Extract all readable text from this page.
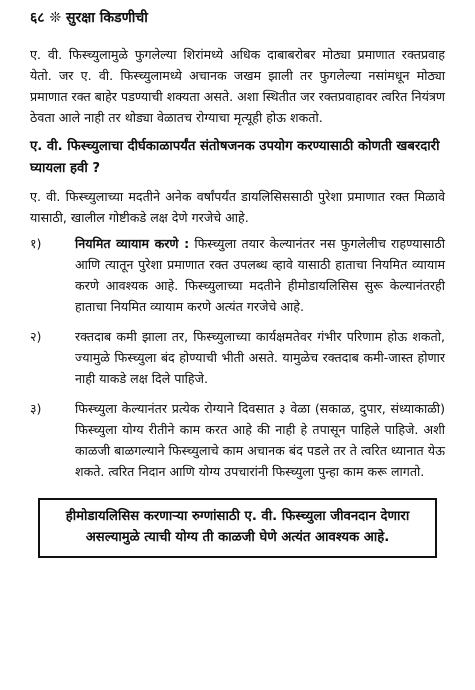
६८ ❊ सुरक्षा किडणीची

ए. वी. फिस्च्युलामुळे फुगलेल्या शिरांमध्ये अधिक दाबाबरोबर मोठ्या प्रमाणात रक्तप्रवाह येतो. जर ए. वी. फिस्च्युलामध्ये अचानक जखम झाली तर फुगलेल्या नसांमधून मोठ्या प्रमाणात रक्त बाहेर पडण्याची शक्यता असते. अशा स्थितीत जर रक्तप्रवाहावर त्वरित नियंत्रण ठेवता आले नाही तर थोड्या वेळातच रोग्याचा मृत्यूही होऊ शकतो.

ए. वी. फिस्च्युलाचा दीर्घकाळापर्यंत संतोषजनक उपयोग करण्यासाठी कोणती खबरदारी घ्यायला हवी ?

ए. वी. फिस्च्युलाच्या मदतीने अनेक वर्षांपर्यंत डायलिसिससाठी पुरेशा प्रमाणात रक्त मिळावे यासाठी, खालील गोष्टीकडे लक्ष देणे गरजेचे आहे.

१)	नियमित व्यायाम करणे : फिस्च्युला तयार केल्यानंतर नस फुगलेलीच राहण्यासाठी आणि त्यातून पुरेशा प्रमाणात रक्त उपलब्ध व्हावे यासाठी हाताचा नियमित व्यायाम करणे आवश्यक आहे. फिस्च्युलाच्या मदतीने हीमोडायलिसिस सुरू केल्यानंतरही हाताचा नियमित व्यायाम करणे अत्यंत गरजेचे आहे.
२)	रक्तदाब कमी झाला तर, फिस्च्युलाच्या कार्यक्षमतेवर गंभीर परिणाम होऊ शकतो, ज्यामुळे फिस्च्युला बंद होण्याची भीती असते. यामुळेच रक्तदाब कमी-जास्त होणार नाही याकडे लक्ष दिले पाहिजे.
३)	फिस्च्युला केल्यानंतर प्रत्येक रोग्याने दिवसात ३ वेळा (सकाळ, दुपार, संध्याकाळी) फिस्च्युला योग्य रीतीने काम करत आहे की नाही हे तपासून पाहिले पाहिजे. अशी काळजी बाळगल्याने फिस्च्युलाचे काम अचानक बंद पडले तर ते त्वरित ध्यानात येऊ शकते. त्वरित निदान आणि योग्य उपचारांनी फिस्च्युला पुन्हा काम करू लागतो.
हीमोडायलिसिस करणाऱ्या रुग्णांसाठी ए. वी. फिस्च्युला जीवनदान देणारा असल्यामुळे त्याची योग्य ती काळजी घेणे अत्यंत आवश्यक आहे.
